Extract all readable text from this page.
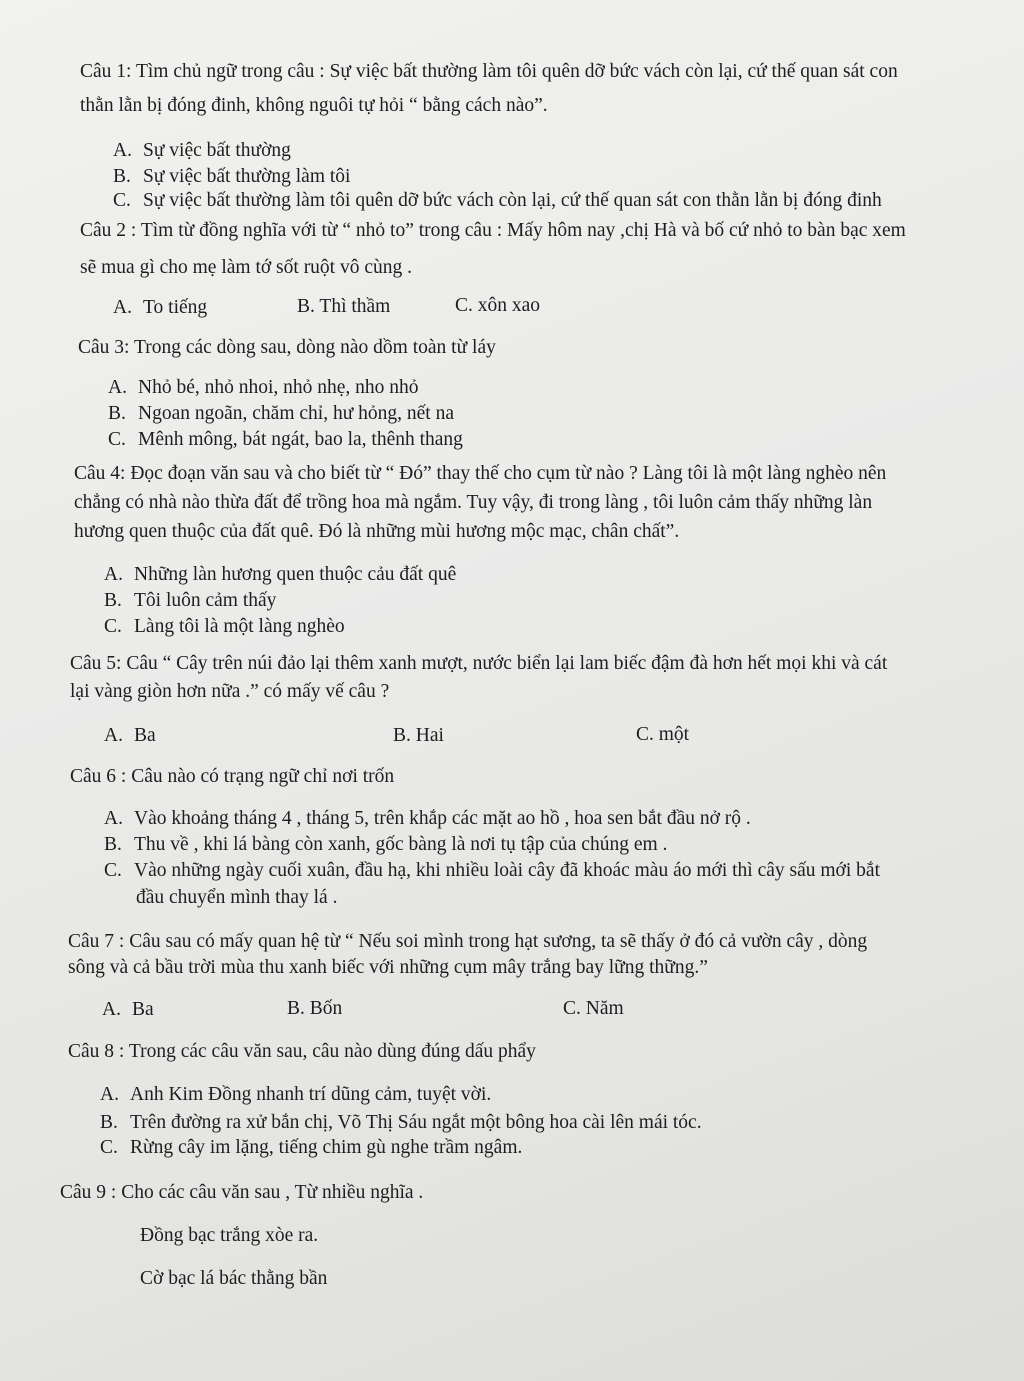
Câu 1: Tìm chủ ngữ trong câu : Sự việc bất thường làm tôi quên dỡ bức vách còn lại, cứ thế quan sát con
thằn lằn bị đóng đinh, không nguôi tự hỏi “ bằng cách nào”.
A. Sự việc bất thường
B. Sự việc bất thường làm tôi
C. Sự việc bất thường làm tôi quên dỡ bức vách còn lại, cứ thế quan sát con thằn lằn bị đóng đinh
Câu 2 : Tìm từ đồng nghĩa với từ “ nhỏ to” trong câu : Mấy hôm nay ,chị Hà và bố cứ nhỏ to bàn bạc xem
sẽ mua gì cho mẹ làm tớ sốt ruột vô cùng .
A. To tiếng	B. Thì thầm	C. xôn xao
Câu 3: Trong các dòng sau, dòng nào dồm toàn từ láy
A. Nhỏ bé, nhỏ nhoi, nhỏ nhẹ, nho nhỏ
B. Ngoan ngoãn, chăm chỉ, hư hỏng, nết na
C. Mênh mông, bát ngát, bao la, thênh thang
Câu 4: Đọc đoạn văn sau và cho biết từ “ Đó” thay thế cho cụm từ nào ? Làng tôi là một làng nghèo nên
chẳng có nhà nào thừa đất để trồng hoa mà ngắm. Tuy vậy, đi trong làng , tôi luôn cảm thấy những làn
hương quen thuộc của đất quê. Đó là những mùi hương mộc mạc, chân chất”.
A. Những làn hương quen thuộc cảu đất quê
B. Tôi luôn cảm thấy
C. Làng tôi là một làng nghèo
Câu 5: Câu “ Cây trên núi đảo lại thêm xanh mượt, nước biển lại lam biếc đậm đà hơn hết mọi khi và cát
lại vàng giòn hơn nữa .” có mấy vế câu ?
A. Ba	B. Hai	C. một
Câu 6 : Câu nào có trạng ngữ chỉ nơi trốn
A. Vào khoảng tháng 4 , tháng 5, trên khắp các mặt ao hồ , hoa sen bắt đầu nở rộ .
B. Thu về , khi lá bàng còn xanh, gốc bàng là nơi tụ tập của chúng em .
C. Vào những ngày cuối xuân, đầu hạ, khi nhiều loài cây đã khoác màu áo mới thì cây sấu mới bắt
đầu chuyển mình thay lá .
Câu 7 : Câu sau có mấy quan hệ từ “ Nếu soi mình trong hạt sương, ta sẽ thấy ở đó cả vườn cây , dòng
sông và cả bầu trời mùa thu xanh biếc với những cụm mây trắng bay lững thững.”
A. Ba	B. Bốn	C. Năm
Câu 8 : Trong các câu văn sau, câu nào dùng đúng dấu phẩy
A. Anh Kim Đồng nhanh trí dũng cảm, tuyệt vời.
B. Trên đường ra xử bắn chị, Võ Thị Sáu ngắt một bông hoa cài lên mái tóc.
C. Rừng cây im lặng, tiếng chim gù nghe trầm ngâm.
Câu 9 : Cho các câu văn sau , Từ nhiều nghĩa .
Đồng bạc trắng xòe ra.
Cờ bạc lá bác thằng bần
